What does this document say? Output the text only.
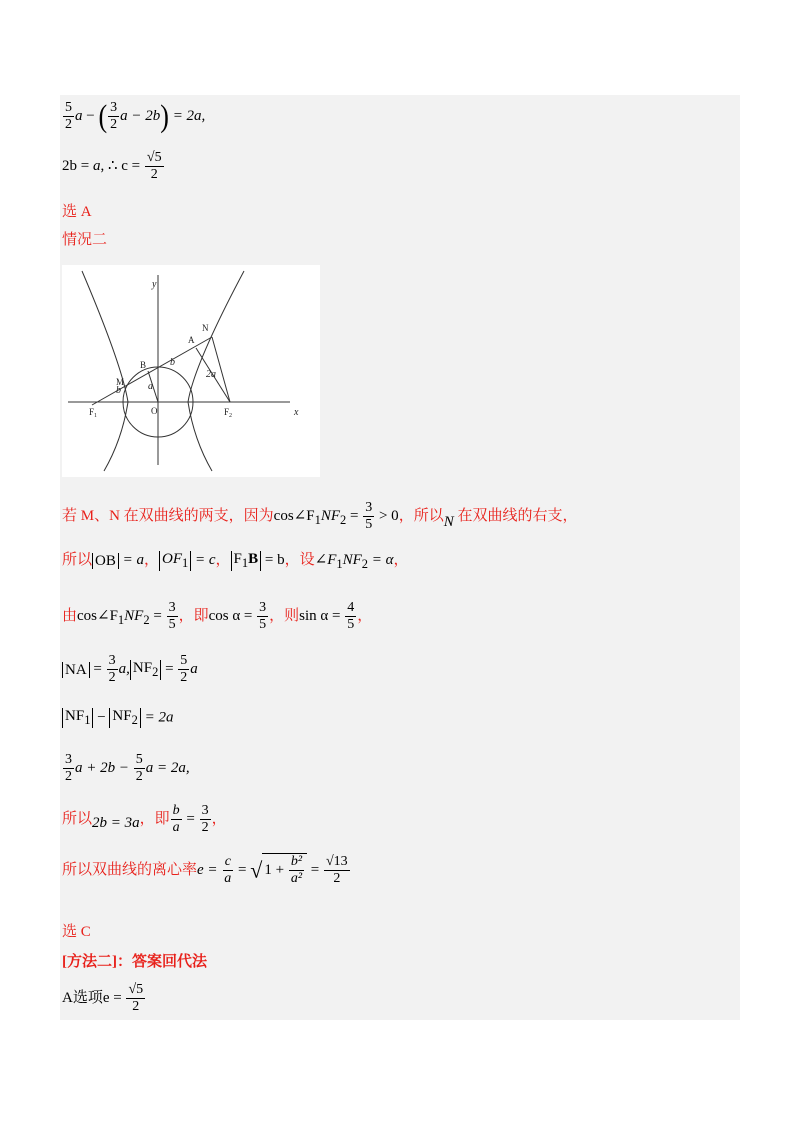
$\frac{5}{2}$ a − ( $\frac{3}{2}$ a − 2b) = 2a,
2b = a, ∴ $c = \frac{√5}{2}$
选 A
情况二
y
x
b
a
2a
b
N
A
B
M
O
$F_1$	$F_2$
若 M、N 在双曲线的两支，因为$\cos\angle F_1NF_2 = \frac{3}{5} > 0$，所以N 在双曲线的右支，
所以 OB = a， $OF_1 = c$， $F_1B = b$，设$\angle F_1NF_2 = \alpha$，
由$\cos\angle F_1NF_2 = \frac{3}{5}$ ，即$\cos \alpha = \frac{3}{5}$ ，则$\sin \alpha = \frac{4}{5}$ ，
NA = $\frac{3}{2} a$, $NF_2 = \frac{5}{2}$ a
$NF_1 - NF_2 = 2a$
$\frac{3}{2}$ $a + 2b - \frac{5}{2}$ a = 2a,
所以2b = 3a，即 $\frac{b}{a} = \frac{3}{2}$ ，
所以双曲线的离心率$e = \frac{c}{a}$ = √ $1 + \frac{\text{b²}}{\text{a²}} = \frac{√13}{2}$
选 C
[方法二]：答案回代法
A选项$e = \frac{√5}{2}$
